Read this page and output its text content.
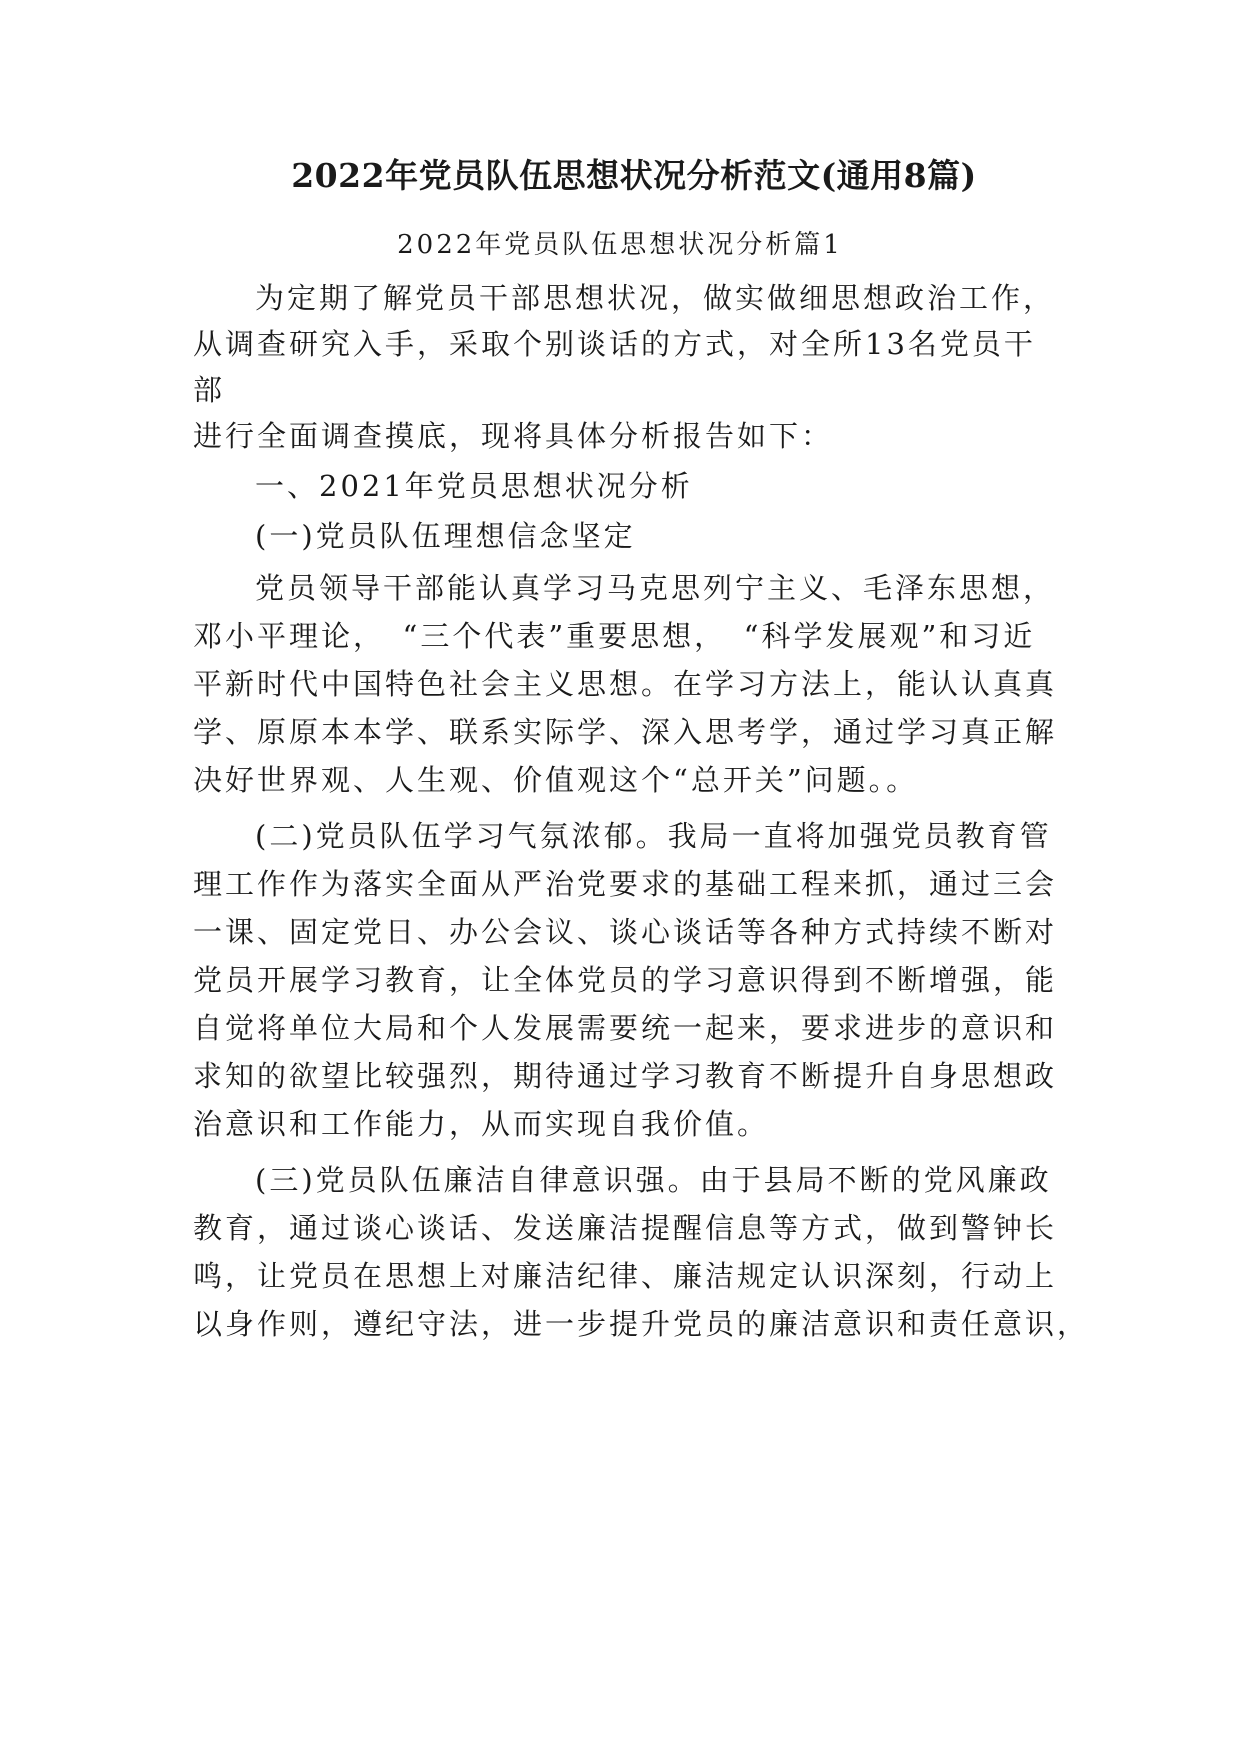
2022年党员队伍思想状况分析范文(通用8篇)
2022年党员队伍思想状况分析篇1
为定期了解党员干部思想状况，做实做细思想政治工作，
从调查研究入手，采取个别谈话的方式，对全所13名党员干
部
进行全面调查摸底，现将具体分析报告如下：
一、2021年党员思想状况分析
(一)党员队伍理想信念坚定
党员领导干部能认真学习马克思列宁主义、毛泽东思想，
邓小平理论，　“三个代表”重要思想，　“科学发展观”和习近
平新时代中国特色社会主义思想。在学习方法上，能认认真真
学、原原本本学、联系实际学、深入思考学，通过学习真正解
决好世界观、人生观、价值观这个“总开关”问题。。
(二)党员队伍学习气氛浓郁。我局一直将加强党员教育管
理工作作为落实全面从严治党要求的基础工程来抓，通过三会
一课、固定党日、办公会议、谈心谈话等各种方式持续不断对
党员开展学习教育，让全体党员的学习意识得到不断增强，能
自觉将单位大局和个人发展需要统一起来，要求进步的意识和
求知的欲望比较强烈，期待通过学习教育不断提升自身思想政
治意识和工作能力，从而实现自我价值。
(三)党员队伍廉洁自律意识强。由于县局不断的党风廉政
教育，通过谈心谈话、发送廉洁提醒信息等方式，做到警钟长
鸣，让党员在思想上对廉洁纪律、廉洁规定认识深刻，行动上
以身作则，遵纪守法，进一步提升党员的廉洁意识和责任意识，
